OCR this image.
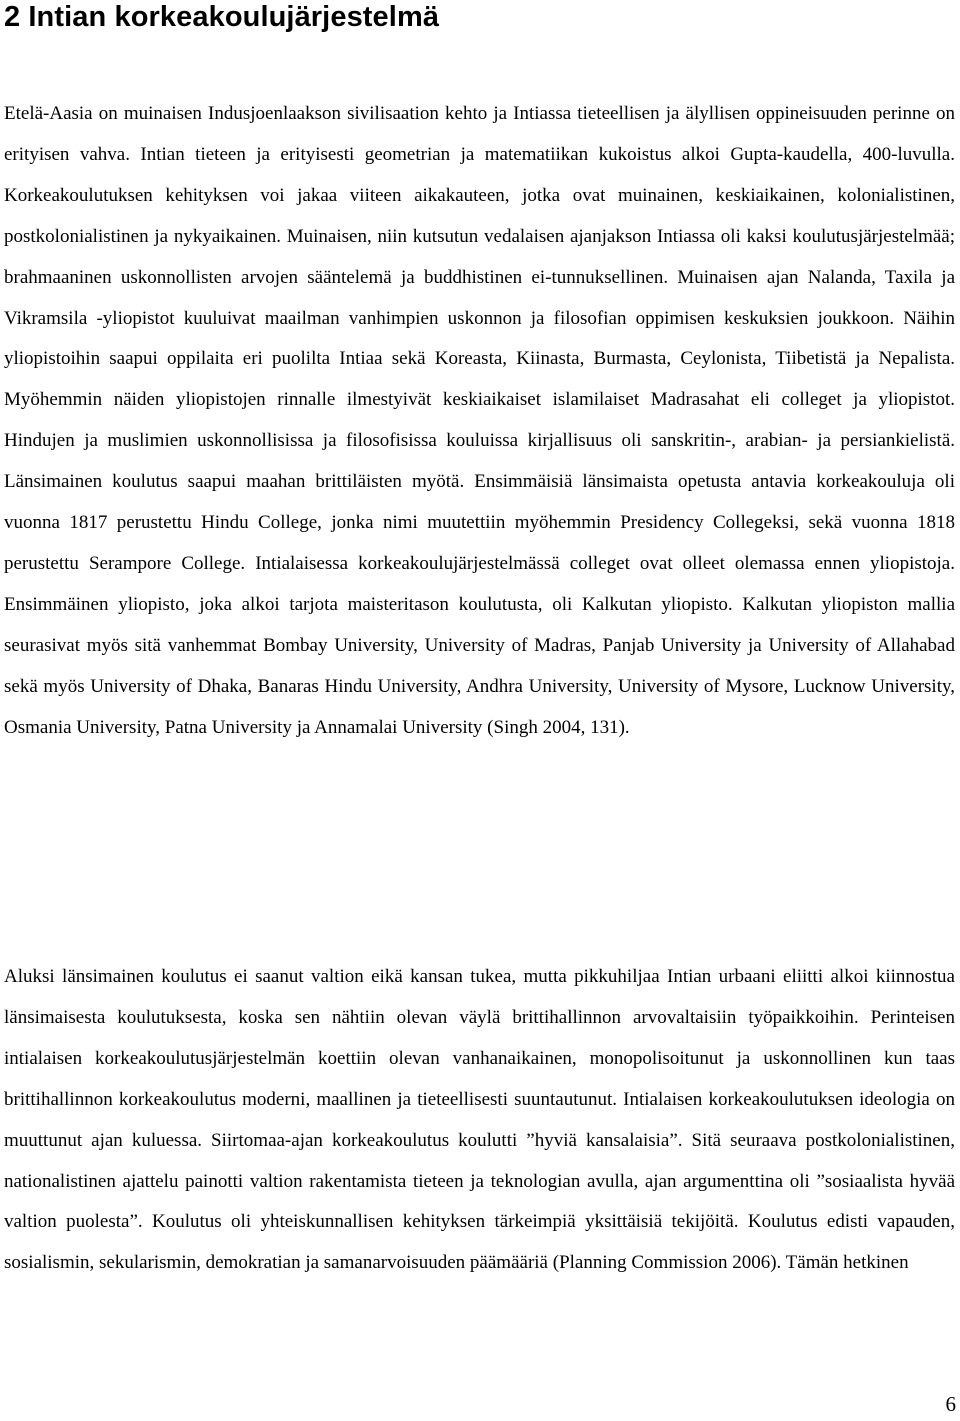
2 Intian korkeakoulujärjestelmä

Etelä-Aasia on muinaisen Indusjoenlaakson sivilisaation kehto ja Intiassa tieteellisen ja älyllisen oppineisuuden perinne on erityisen vahva. Intian tieteen ja erityisesti geometrian ja matematiikan kukoistus alkoi Gupta-kaudella, 400-luvulla. Korkeakoulutuksen kehityksen voi jakaa viiteen aikakauteen, jotka ovat muinainen, keskiaikainen, kolonialistinen, postkolonialistinen ja nykyaikainen. Muinaisen, niin kutsutun vedalaisen ajanjakson Intiassa oli kaksi koulutusjärjestelmää; brahmaaninen uskonnollisten arvojen sääntelemä ja buddhistinen ei-tunnuksellinen. Muinaisen ajan Nalanda, Taxila ja Vikramsila -yliopistot kuuluivat maailman vanhimpien uskonnon ja filosofian oppimisen keskuksien joukkoon. Näihin yliopistoihin saapui oppilaita eri puolilta Intiaa sekä Koreasta, Kiinasta, Burmasta, Ceylonista, Tiibetistä ja Nepalista. Myöhemmin näiden yliopistojen rinnalle ilmestyivät keskiaikaiset islamilaiset Madrasahat eli colleget ja yliopistot. Hindujen ja muslimien uskonnollisissa ja filosofisissa kouluissa kirjallisuus oli sanskritin-, arabian- ja persiankielistä. Länsimainen koulutus saapui maahan brittiläisten myötä. Ensimmäisiä länsimaista opetusta antavia korkeakouluja oli vuonna 1817 perustettu Hindu College, jonka nimi muutettiin myöhemmin Presidency Collegeksi, sekä vuonna 1818 perustettu Serampore College. Intialaisessa korkeakoulujärjestelmässä colleget ovat olleet olemassa ennen yliopistoja. Ensimmäinen yliopisto, joka alkoi tarjota maisteritason koulutusta, oli Kalkutan yliopisto. Kalkutan yliopiston mallia seurasivat myös sitä vanhemmat Bombay University, University of Madras, Panjab University ja University of Allahabad sekä myös University of Dhaka, Banaras Hindu University, Andhra University, University of Mysore, Lucknow University, Osmania University, Patna University ja Annamalai University (Singh 2004, 131).

Aluksi länsimainen koulutus ei saanut valtion eikä kansan tukea, mutta pikkuhiljaa Intian urbaani eliitti alkoi kiinnostua länsimaisesta koulutuksesta, koska sen nähtiin olevan väylä brittihallinnon arvovaltaisiin työpaikkoihin. Perinteisen intialaisen korkeakoulutusjärjestelmän koettiin olevan vanhanaikainen, monopolisoitunut ja uskonnollinen kun taas brittihallinnon korkeakoulutus moderni, maallinen ja tieteellisesti suuntautunut. Intialaisen korkeakoulutuksen ideologia on muuttunut ajan kuluessa. Siirtomaa-ajan korkeakoulutus koulutti ”hyviä kansalaisia”. Sitä seuraava postkolonialistinen, nationalistinen ajattelu painotti valtion rakentamista tieteen ja teknologian avulla, ajan argumenttina oli ”sosiaalista hyvää valtion puolesta”. Koulutus oli yhteiskunnallisen kehityksen tärkeimpiä yksittäisiä tekijöitä. Koulutus edisti vapauden, sosialismin, sekularismin, demokratian ja samanarvoisuuden päämääriä (Planning Commission 2006). Tämän hetkinen

6
